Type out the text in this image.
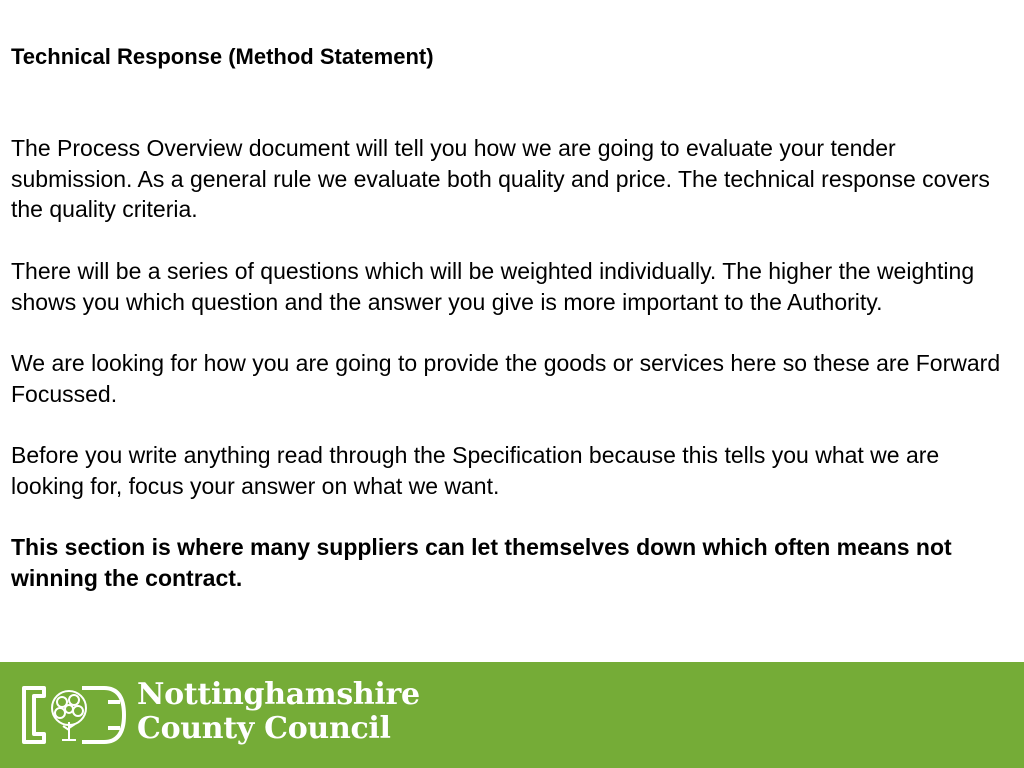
Technical Response (Method Statement)

The Process Overview document will tell you how we are going to evaluate your tender submission. As a general rule we evaluate both quality and price. The technical response covers the quality criteria.

There will be a series of questions which will be weighted individually. The higher the weighting shows you which question and the answer you give is more important to the Authority.

We are looking for how you are going to provide the goods or services here so these are Forward Focussed.

Before you write anything read through the Specification because this tells you what we are looking for, focus your answer on what we want.

This section is where many suppliers can let themselves down which often means not winning the contract.

Nottinghamshire
County Council
